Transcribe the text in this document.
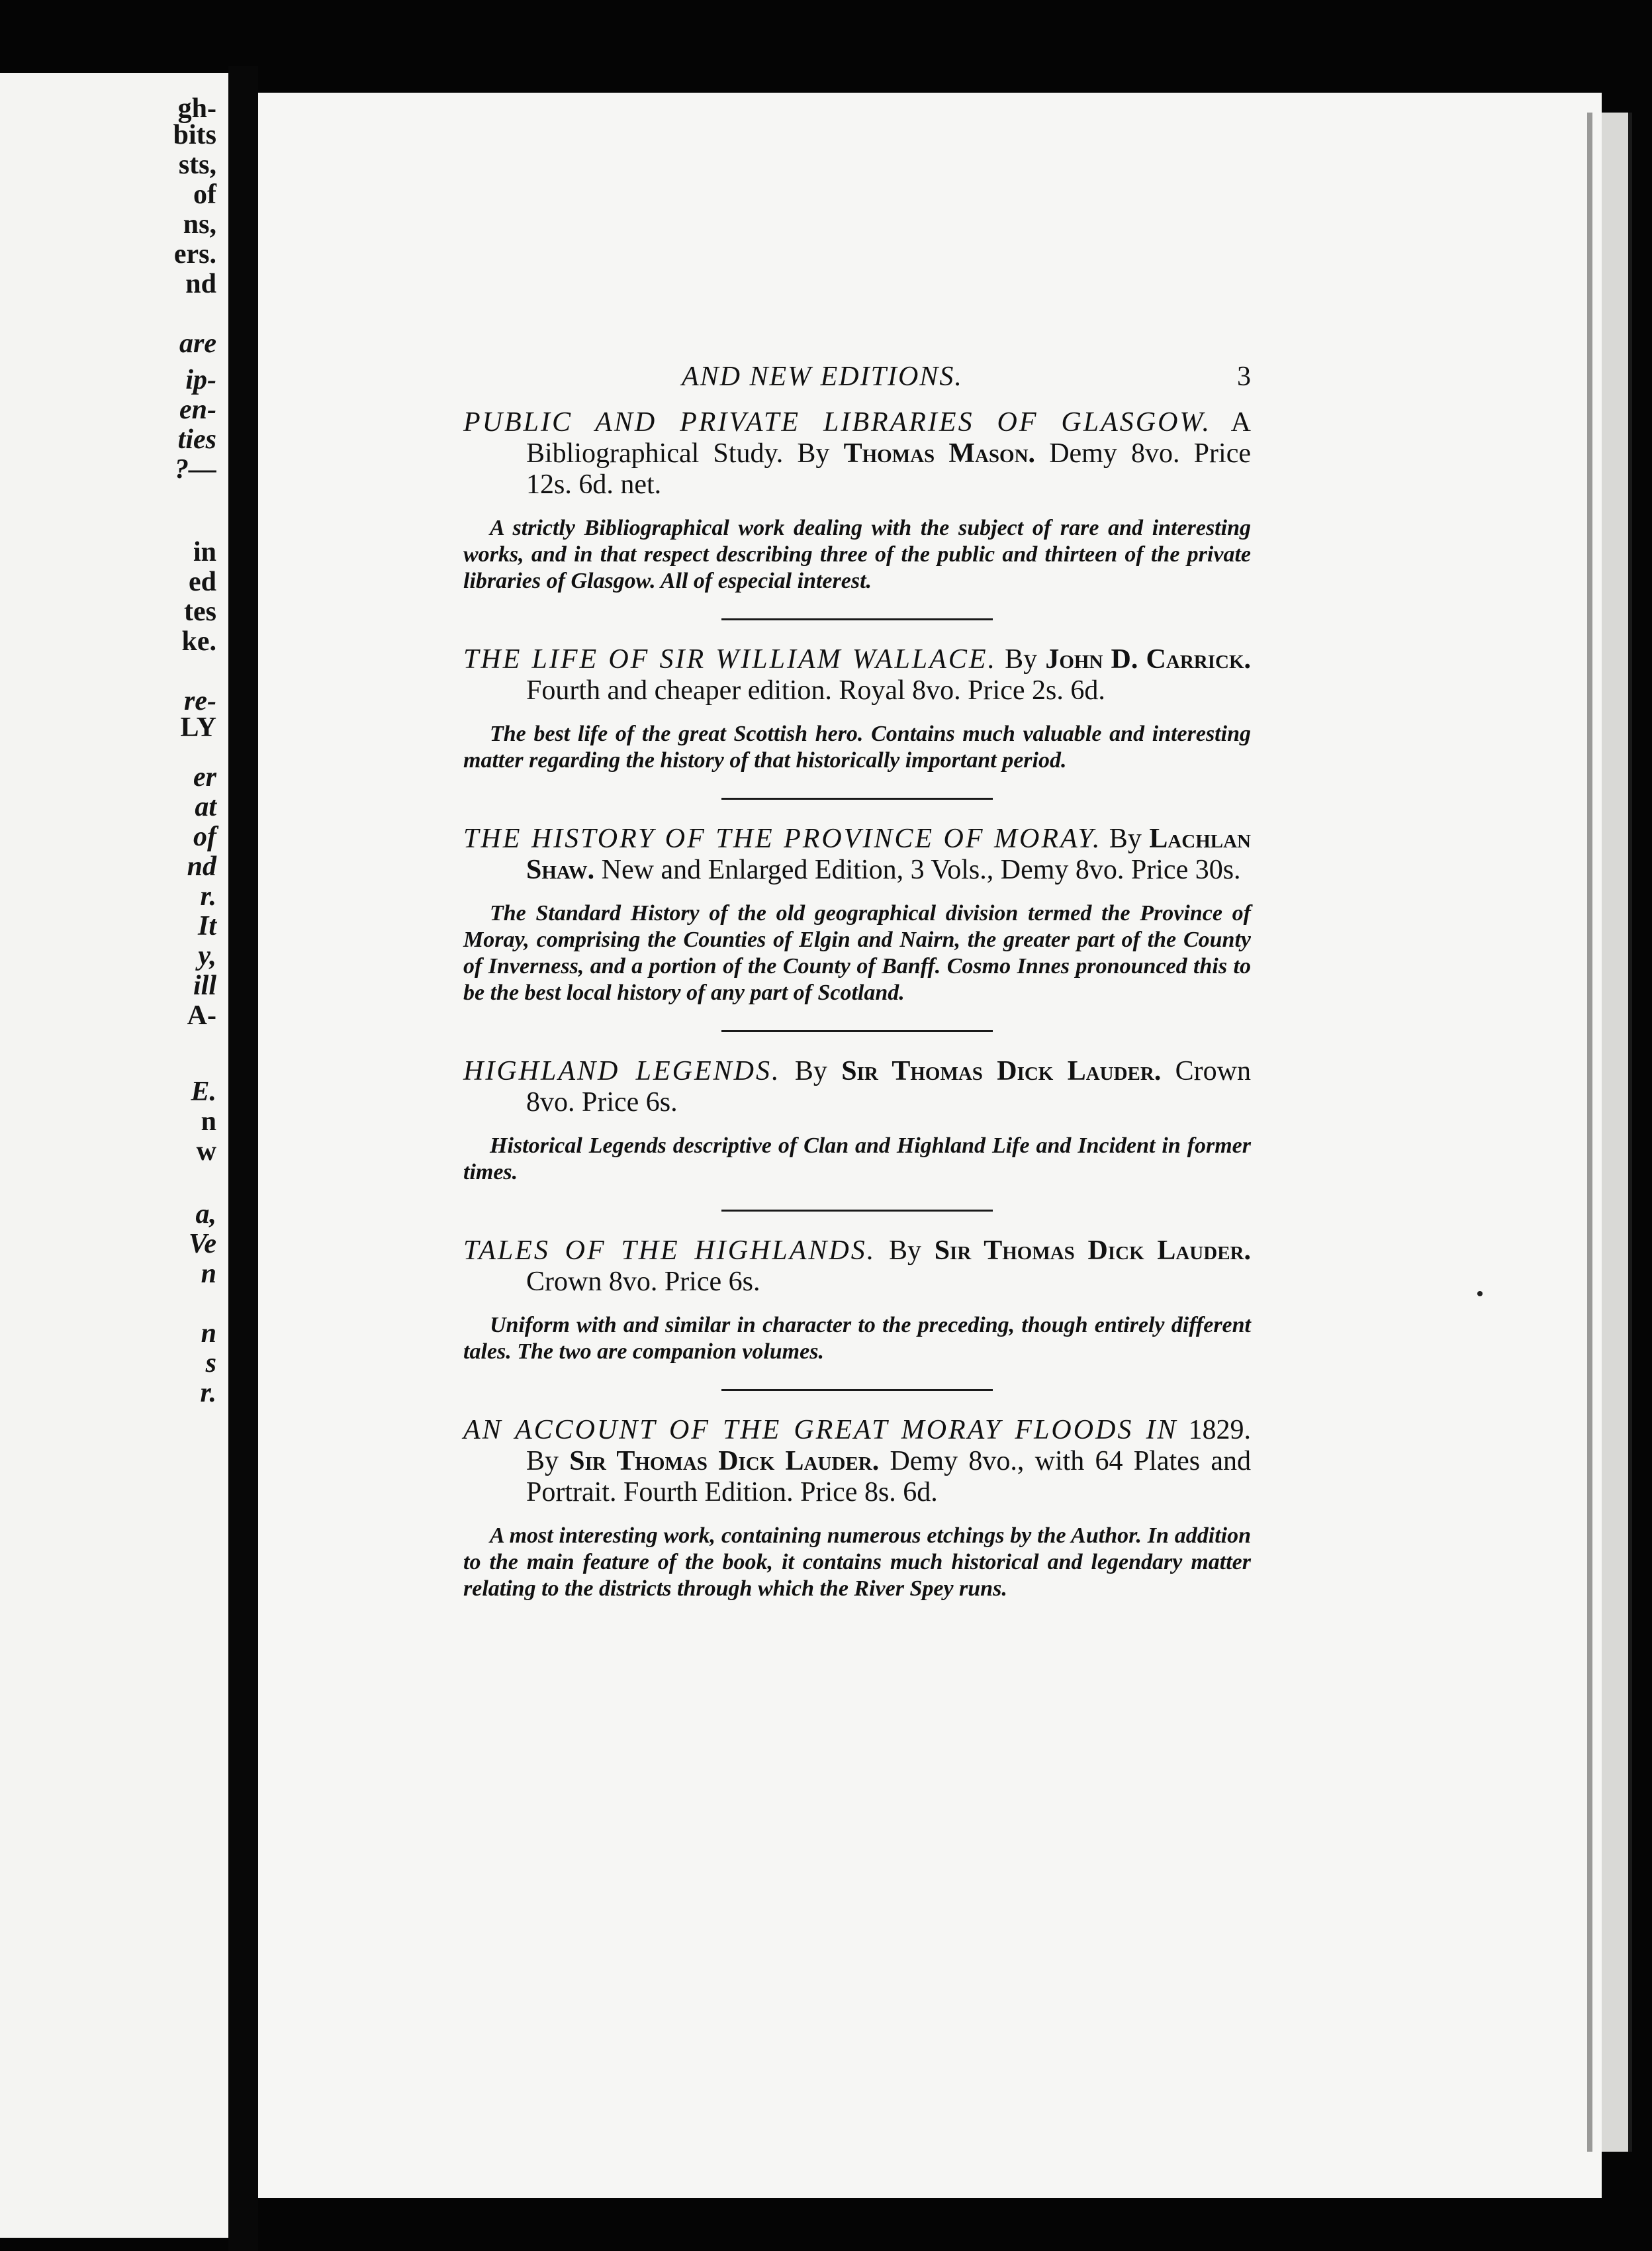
gh-
bits
sts,
of
ns,
ers.
nd
are
ip-
en-
ties
?—
in
ed
tes
ke.
re-
LY
er
at
of
nd
r.
It
y,
ill
A-
E.
n
w
a,
Ve
n
n
s
r.
AND NEW EDITIONS.	3
PUBLIC AND PRIVATE LIBRARIES OF GLASGOW. A Bibliographical Study. By Thomas Mason. Demy 8vo. Price 12s. 6d. net.
A strictly Bibliographical work dealing with the subject of rare and interesting works, and in that respect describing three of the public and thirteen of the private libraries of Glasgow. All of especial interest.
THE LIFE OF SIR WILLIAM WALLACE. By John D. Carrick. Fourth and cheaper edition. Royal 8vo. Price 2s. 6d.
The best life of the great Scottish hero. Contains much valuable and interesting matter regarding the history of that historically important period.
THE HISTORY OF THE PROVINCE OF MORAY. By Lachlan Shaw. New and Enlarged Edition, 3 Vols., Demy 8vo. Price 30s.
The Standard History of the old geographical division termed the Province of Moray, comprising the Counties of Elgin and Nairn, the greater part of the County of Inverness, and a portion of the County of Banff. Cosmo Innes pronounced this to be the best local history of any part of Scotland.
HIGHLAND LEGENDS. By Sir Thomas Dick Lauder. Crown 8vo. Price 6s.
Historical Legends descriptive of Clan and Highland Life and Incident in former times.
TALES OF THE HIGHLANDS. By Sir Thomas Dick Lauder. Crown 8vo. Price 6s.
Uniform with and similar in character to the preceding, though entirely different tales. The two are companion volumes.
AN ACCOUNT OF THE GREAT MORAY FLOODS IN 1829. By Sir Thomas Dick Lauder. Demy 8vo., with 64 Plates and Portrait. Fourth Edition. Price 8s. 6d.
A most interesting work, containing numerous etchings by the Author. In addition to the main feature of the book, it contains much historical and legendary matter relating to the districts through which the River Spey runs.
